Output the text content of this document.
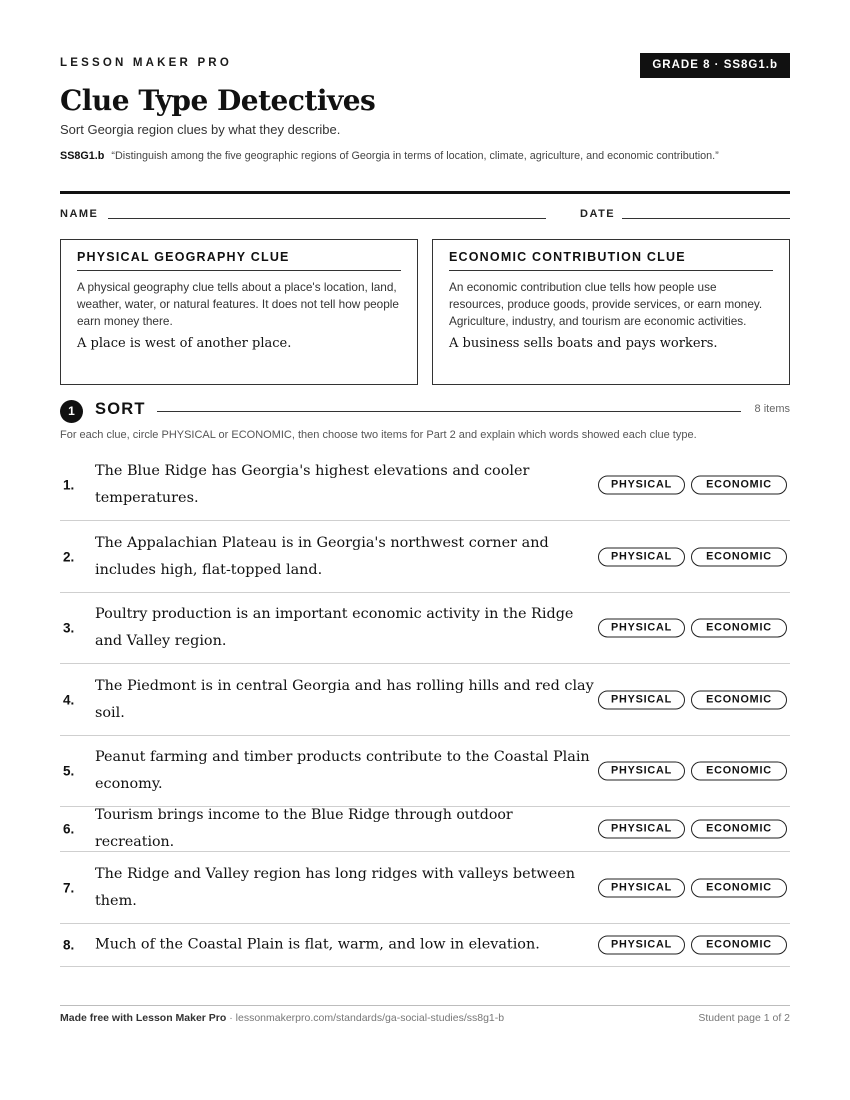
LESSON MAKER PRO	GRADE 8 · SS8G1.b
Clue Type Detectives
Sort Georgia region clues by what they describe.
SS8G1.b “Distinguish among the five geographic regions of Georgia in terms of location, climate, agriculture, and economic contribution.”
NAME	DATE
PHYSICAL GEOGRAPHY CLUE
A physical geography clue tells about a place's location, land, weather, water, or natural features. It does not tell how people earn money there.
A place is west of another place.
ECONOMIC CONTRIBUTION CLUE
An economic contribution clue tells how people use resources, produce goods, provide services, or earn money. Agriculture, industry, and tourism are economic activities.
A business sells boats and pays workers.
1	SORT	8 items
For each clue, circle PHYSICAL or ECONOMIC, then choose two items for Part 2 and explain which words showed each clue type.
1.
The Blue Ridge has Georgia's highest elevations and cooler temperatures.
PHYSICAL	ECONOMIC
2.
The Appalachian Plateau is in Georgia's northwest corner and includes high, flat-topped land.
PHYSICAL	ECONOMIC
3.
Poultry production is an important economic activity in the Ridge and Valley region.
PHYSICAL	ECONOMIC
4.
The Piedmont is in central Georgia and has rolling hills and red clay soil.
PHYSICAL	ECONOMIC
5.
Peanut farming and timber products contribute to the Coastal Plain economy.
PHYSICAL	ECONOMIC
6.
Tourism brings income to the Blue Ridge through outdoor recreation.
PHYSICAL	ECONOMIC
7.
The Ridge and Valley region has long ridges with valleys between them.
PHYSICAL	ECONOMIC
8. Much of the Coastal Plain is flat, warm, and low in elevation.	PHYSICAL	ECONOMIC
Made free with Lesson Maker Pro · lessonmakerpro.com/standards/ga-social-studies/ss8g1-b	Student page 1 of 2
